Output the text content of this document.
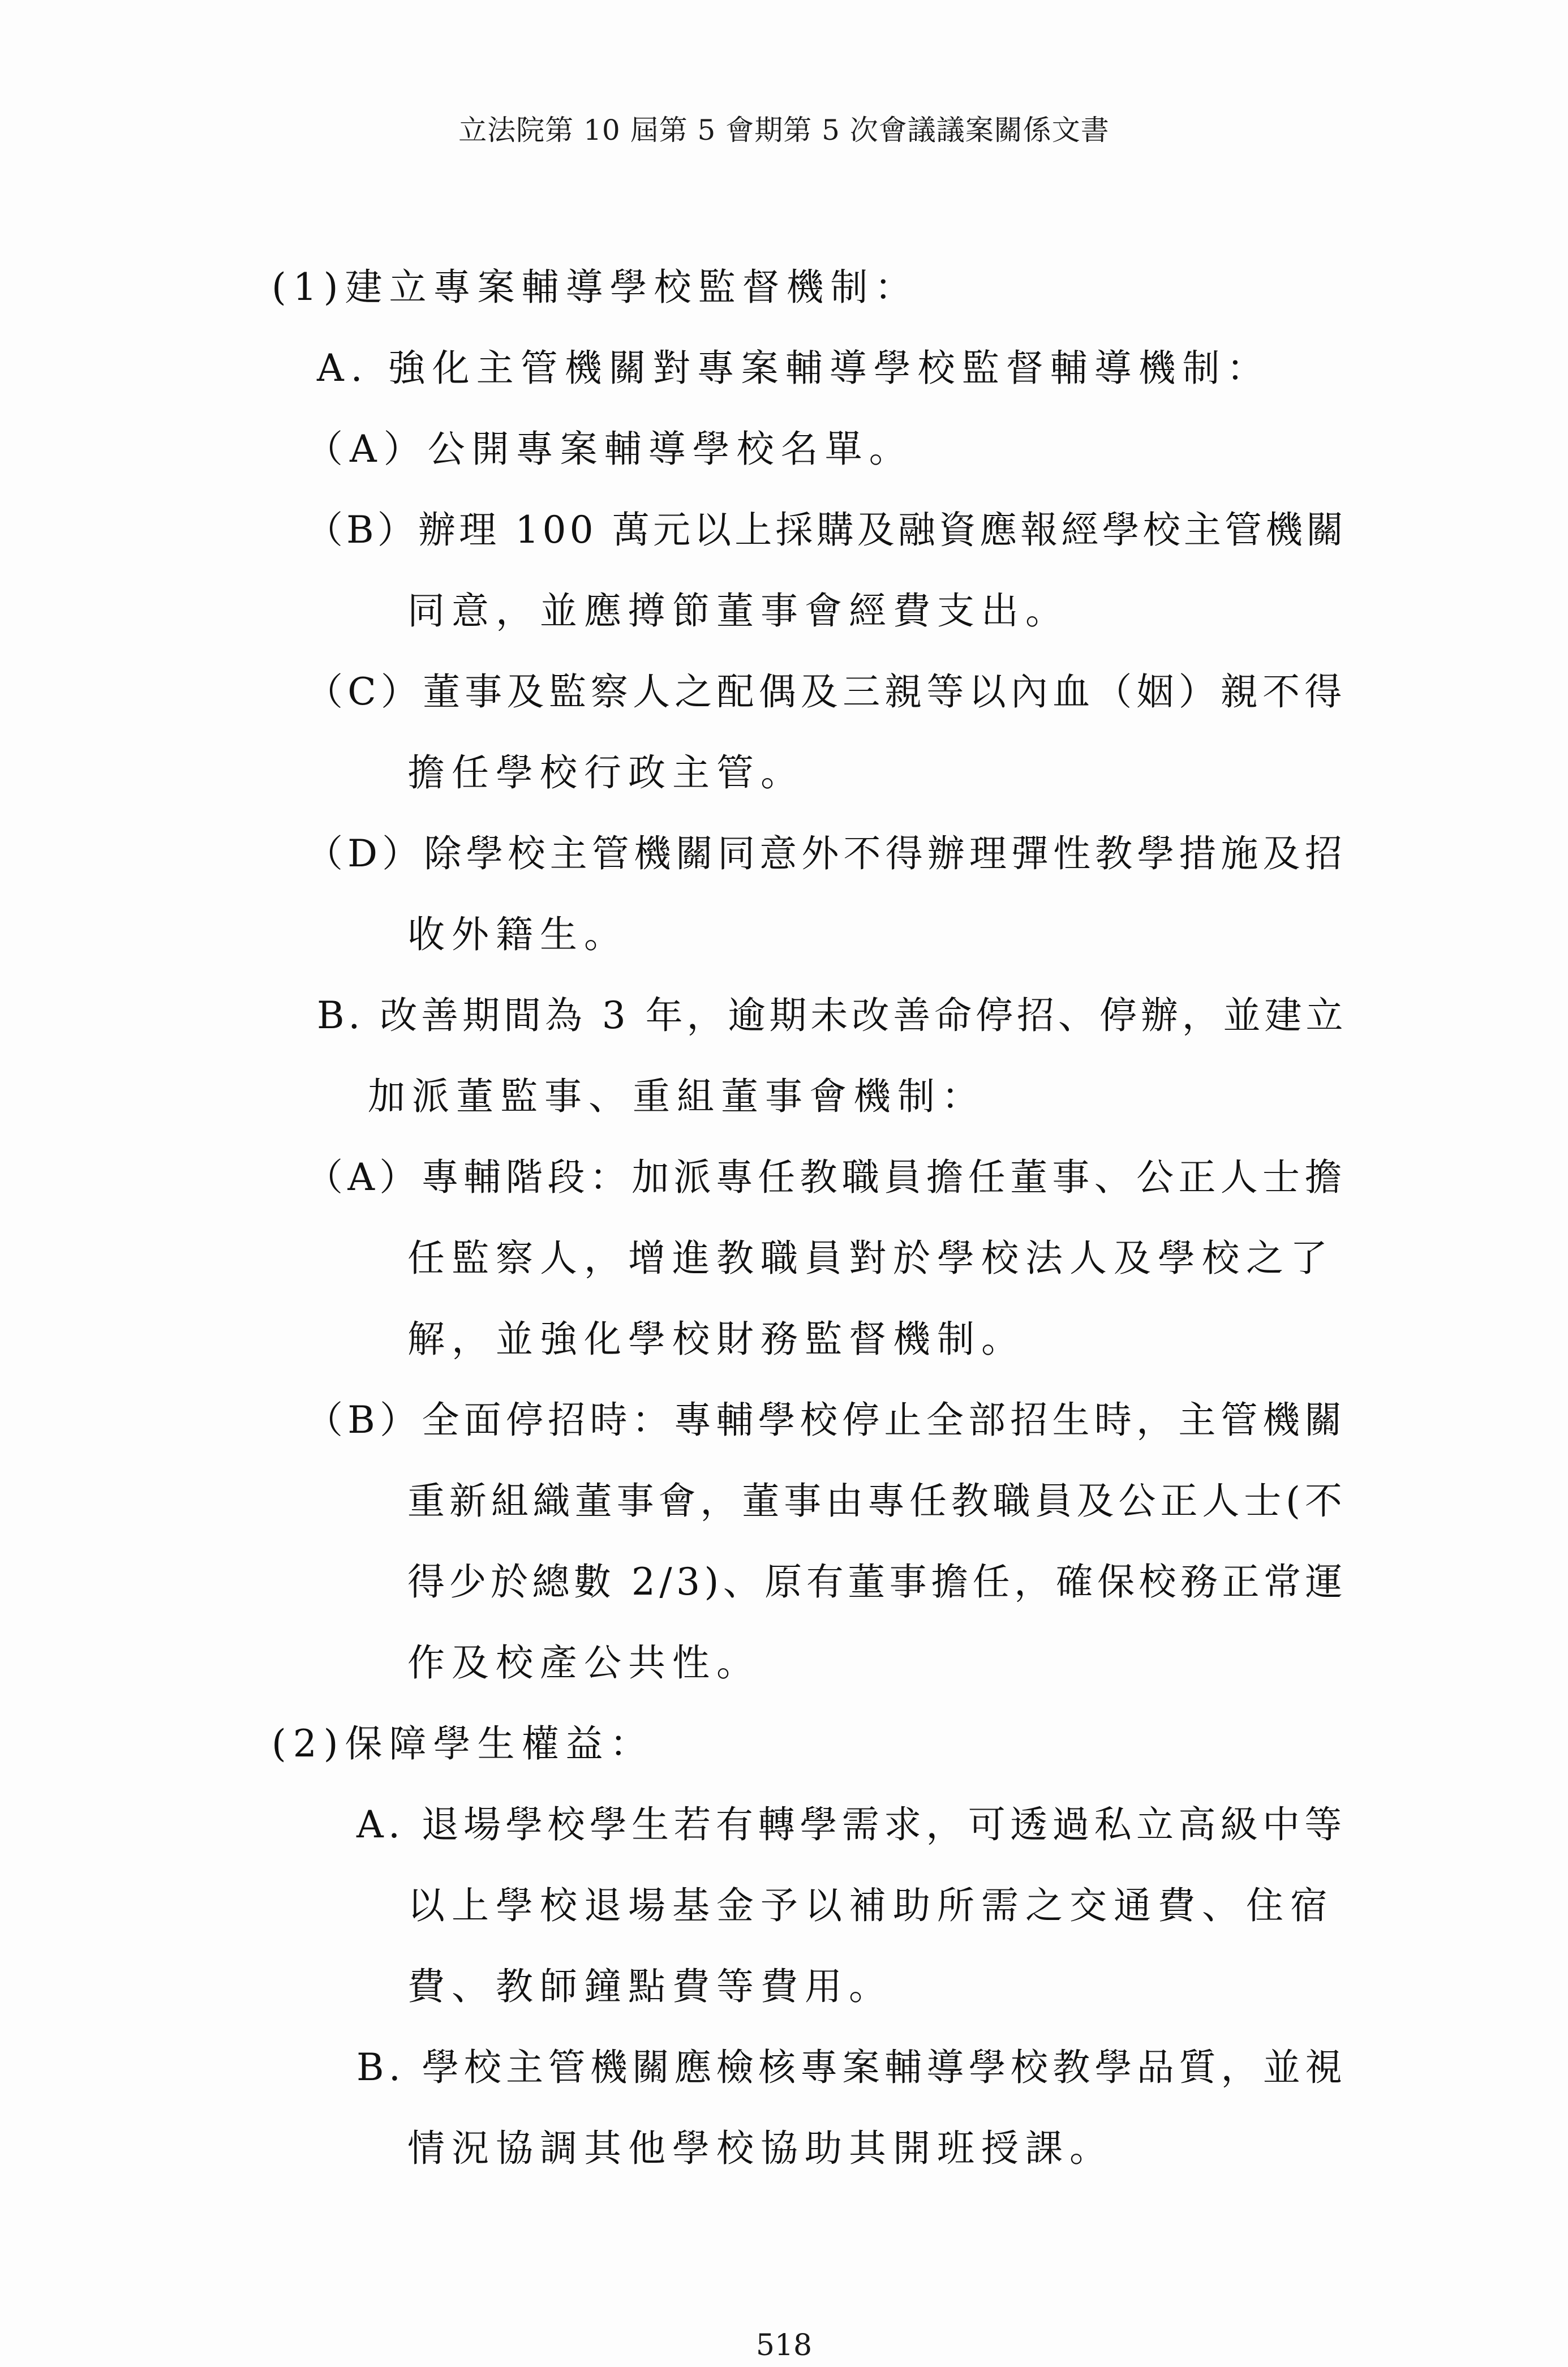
立法院第 10 屆第 5 會期第 5 次會議議案關係文書
(1)建立專案輔導學校監督機制：
A. 強化主管機關對專案輔導學校監督輔導機制：
（A）公開專案輔導學校名單。
（B）辦理 100 萬元以上採購及融資應報經學校主管機關
同意，並應撙節董事會經費支出。
（C）董事及監察人之配偶及三親等以內血（姻）親不得
擔任學校行政主管。
（D）除學校主管機關同意外不得辦理彈性教學措施及招
收外籍生。
B. 改善期間為 3 年，逾期未改善命停招、停辦，並建立
加派董監事、重組董事會機制：
（A）專輔階段：加派專任教職員擔任董事、公正人士擔
任監察人，增進教職員對於學校法人及學校之了
解，並強化學校財務監督機制。
（B）全面停招時：專輔學校停止全部招生時，主管機關
重新組織董事會，董事由專任教職員及公正人士(不
得少於總數 2/3)、原有董事擔任，確保校務正常運
作及校產公共性。
(2)保障學生權益：
A. 退場學校學生若有轉學需求，可透過私立高級中等
以上學校退場基金予以補助所需之交通費、住宿
費、教師鐘點費等費用。
B. 學校主管機關應檢核專案輔導學校教學品質，並視
情況協調其他學校協助其開班授課。
518
